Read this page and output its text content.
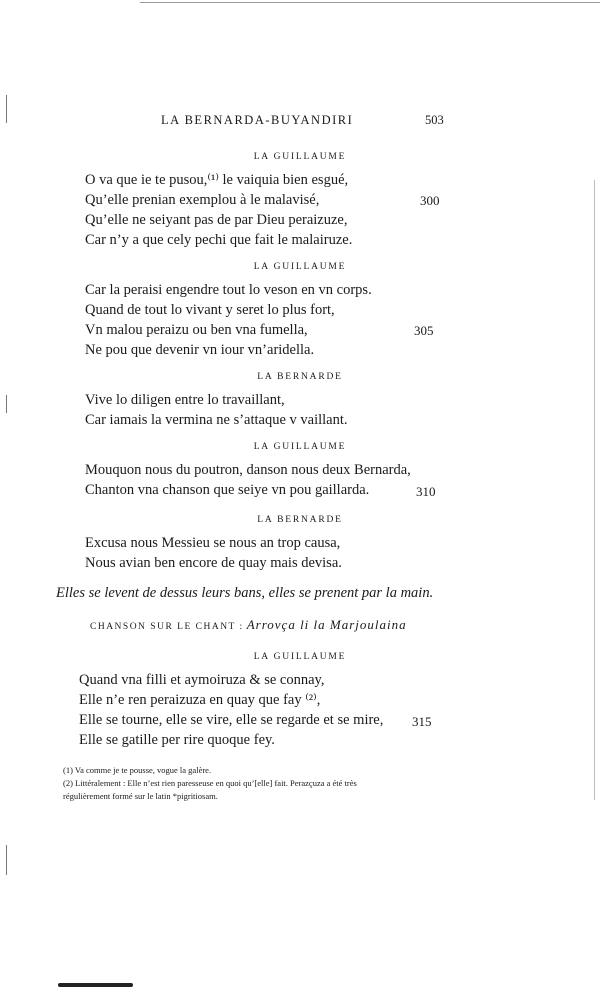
LA BERNARDA-BUYANDIRI	503
LA GUILLAUME
O va que ie te pusou,⁽¹⁾ le vaiquia bien esgué,
Qu’elle prenian exemplou à le malavisé,	300
Qu’elle ne seiyant pas de par Dieu peraizuze,
Car n’y a que cely pechi que fait le malairuze.
LA GUILLAUME
Car la peraisi engendre tout lo veson en vn corps.
Quand de tout lo vivant y seret lo plus fort,
Vn malou peraizu ou ben vna fumella,	305
Ne pou que devenir vn iour vn’aridella.
LA BERNARDE
Vive lo diligen entre lo travaillant,
Car iamais la vermina ne s’attaque v vaillant.
LA GUILLAUME
Mouquon nous du poutron, danson nous deux Bernarda,
Chanton vna chanson que seiye vn pou gaillarda.	310
LA BERNARDE
Excusa nous Messieu se nous an trop causa,
Nous avian ben encore de quay mais devisa.
Elles se levent de dessus leurs bans, elles se prenent par la main.
CHANSON SUR LE CHANT : Arrovça li la Marjoulaina
LA GUILLAUME
Quand vna filli et aymoiruza & se connay,
Elle n’e ren peraizuza en quay que fay ⁽²⁾,
Elle se tourne, elle se vire, elle se regarde et se mire, 315
Elle se gatille per rire quoque fey.
(1) Va comme je te pousse, vogue la galère.
(2) Littéralement : Elle n’est rien paresseuse en quoi qu’[elle] fait. Perazçuza a été très
régulièrement formé sur le latin *pigritiosam.
